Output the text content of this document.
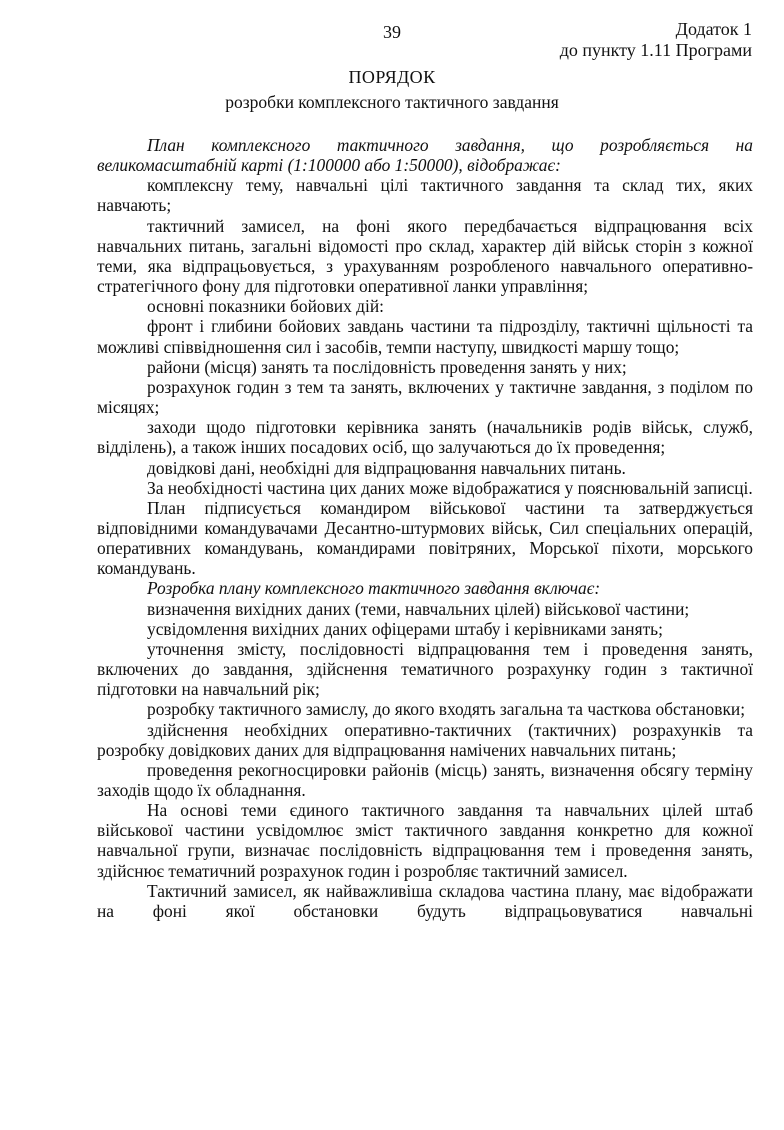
39	Додаток 1
до пункту 1.11 Програми
ПОРЯДОК
розробки комплексного тактичного завдання

План комплексного тактичного завдання, що розробляється на великомасштабній карті (1:100000 або 1:50000), відображає:

комплексну тему, навчальні цілі тактичного завдання та склад тих, яких навчають;

тактичний замисел, на фоні якого передбачається відпрацювання всіх навчальних питань, загальні відомості про склад, характер дій військ сторін з кожної теми, яка відпрацьовується, з урахуванням розробленого навчального оперативно-стратегічного фону для підготовки оперативної ланки управління;

основні показники бойових дій:

фронт і глибини бойових завдань частини та підрозділу, тактичні щільності та можливі співвідношення сил і засобів, темпи наступу, швидкості маршу тощо;

райони (місця) занять та послідовність проведення занять у них;

розрахунок годин з тем та занять, включених у тактичне завдання, з подiлом по місяцях;

заходи щодо підготовки керівника занять (начальників родів військ, служб, відділень), а також інших посадових осіб, що залучаються до їх проведення;

довідкові дані, необхідні для відпрацювання навчальних питань.

За необхідності частина цих даних може відображатися у пояснювальній записці.

План підписується командиром військової частини та затверджується відповідними командувачами Десантно-штурмових військ, Сил спеціальних операцій, оперативних командувань, командирами повітряних, Морської піхоти, морського командувань.

Розробка плану комплексного тактичного завдання включає:

визначення вихідних даних (теми, навчальних цілей) військової частини;

усвідомлення вихідних даних офіцерами штабу і керівниками занять;

уточнення змісту, послідовності відпрацювання тем і проведення занять, включених до завдання, здійснення тематичного розрахунку годин з тактичної підготовки на навчальний рік;

розробку тактичного замислу, до якого входять загальна та часткова обстановки;

здійснення необхідних оперативно-тактичних (тактичних) розрахунків та розробку довідкових даних для відпрацювання намічених навчальних питань;

проведення рекогносцировки районів (місць) занять, визначення обсягу терміну заходів щодо їх обладнання.

На основі теми єдиного тактичного завдання та навчальних цілей штаб військової частини усвідомлює зміст тактичного завдання конкретно для кожної навчальної групи, визначає послідовність відпрацювання тем і проведення занять, здійснює тематичний розрахунок годин і розробляє тактичний замисел.

Тактичний замисел, як найважливіша складова частина плану, має відображати на фоні якої обстановки будуть відпрацьовуватися навчальні
